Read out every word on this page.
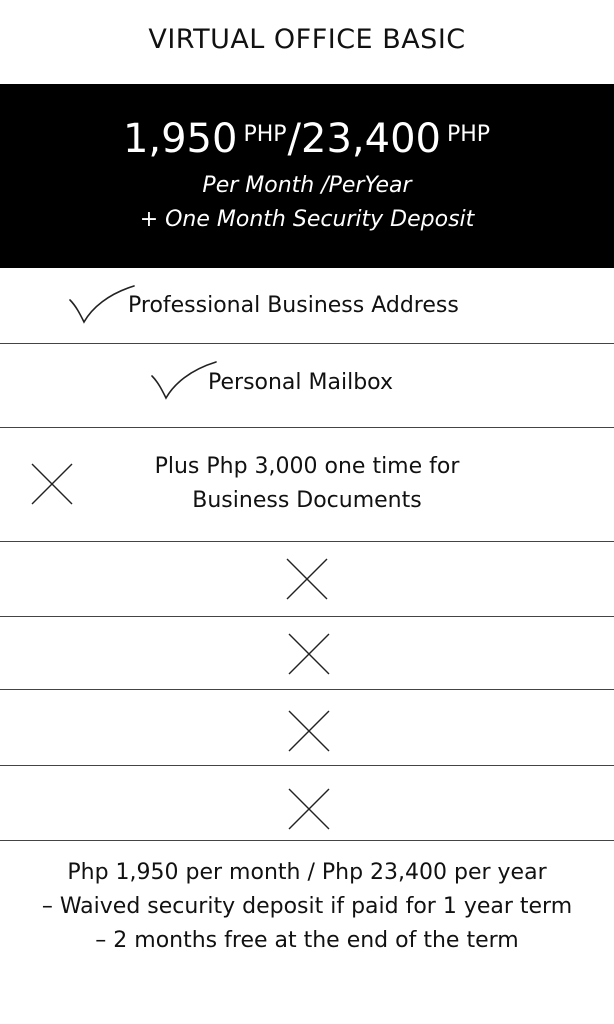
VIRTUAL OFFICE BASIC
1,950 $^{PHP}$/23,400 $^{PHP}$
Per Month /PerYear
+ One Month Security Deposit
Professional Business Address
Personal Mailbox
Plus Php 3,000 one time for
Business Documents
Php 1,950 per month / Php 23,400 per year
– Waived security deposit if paid for 1 year term
– 2 months free at the end of the term
